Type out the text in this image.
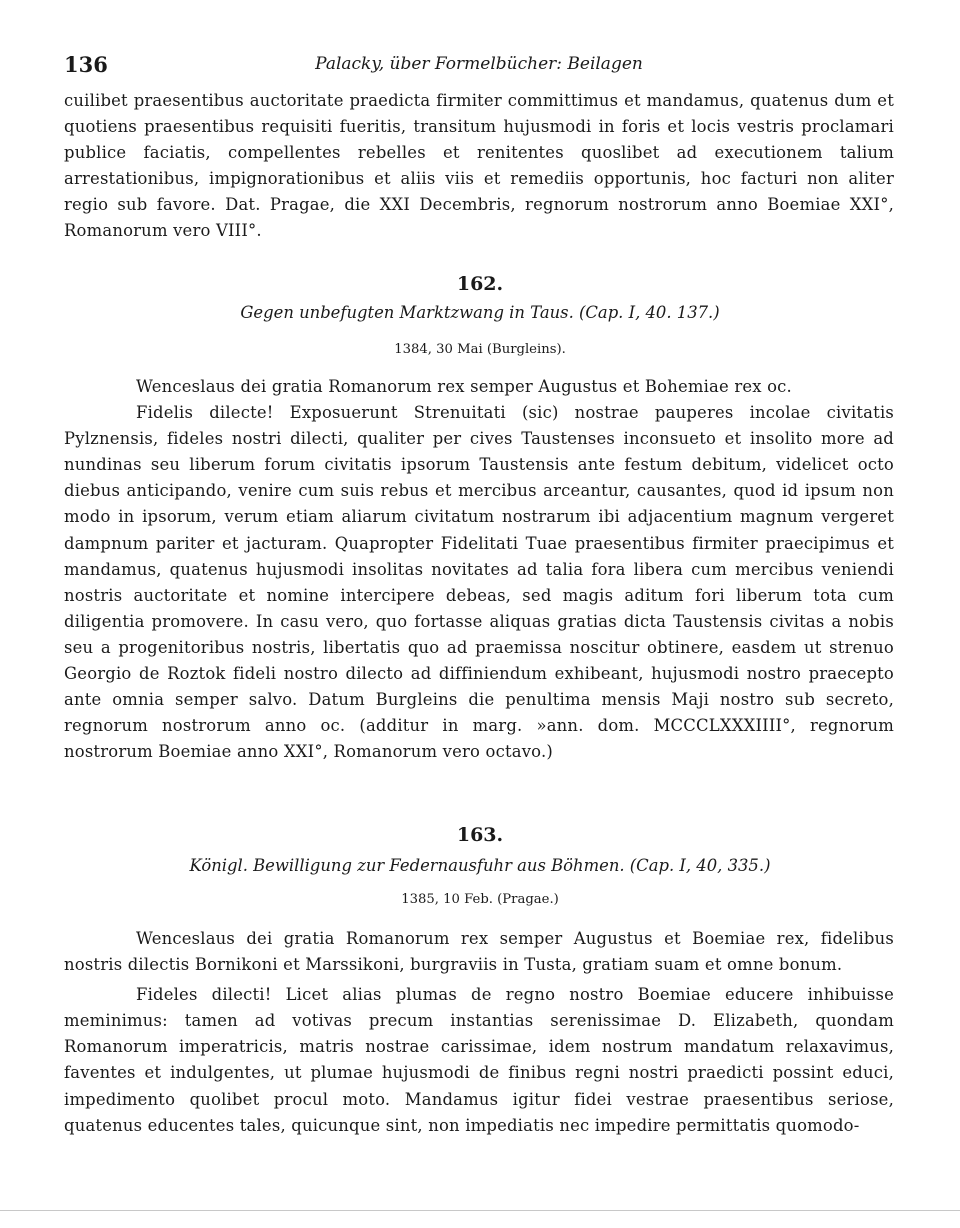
136	Palacky, über Formelbücher: Beilagen

cuilibet praesentibus auctoritate praedicta firmiter committimus et mandamus, quatenus dum et quotiens praesentibus requisiti fueritis, transitum hujusmodi in foris et locis vestris proclamari publice faciatis, compellentes rebelles et renitentes quoslibet ad executionem talium arrestationibus, impignorationibus et aliis viis et remediis opportunis, hoc facturi non aliter regio sub favore. Dat. Pragae, die XXI Decembris, regnorum nostrorum anno Boemiae XXI°, Romanorum vero VIII°.

162.
Gegen unbefugten Marktzwang in Taus. (Cap. I, 40. 137.)
1384, 30 Mai (Burgleins).

Wenceslaus dei gratia Romanorum rex semper Augustus et Bohemiae rex oc.

Fidelis dilecte! Exposuerunt Strenuitati (sic) nostrae pauperes incolae civitatis Pylznensis, fideles nostri dilecti, qualiter per cives Taustenses inconsueto et insolito more ad nundinas seu liberum forum civitatis ipsorum Taustensis ante festum debitum, videlicet octo diebus anticipando, venire cum suis rebus et mercibus arceantur, causantes, quod id ipsum non modo in ipsorum, verum etiam aliarum civitatum nostrarum ibi adjacentium magnum vergeret dampnum pariter et jacturam. Quapropter Fidelitati Tuae praesentibus firmiter praecipimus et mandamus, quatenus hujusmodi insolitas novitates ad talia fora libera cum mercibus veniendi nostris auctoritate et nomine intercipere debeas, sed magis aditum fori liberum tota cum diligentia promovere. In casu vero, quo fortasse aliquas gratias dicta Taustensis civitas a nobis seu a progenitoribus nostris, libertatis quo ad praemissa noscitur obtinere, easdem ut strenuo Georgio de Roztok fideli nostro dilecto ad diffiniendum exhibeant, hujusmodi nostro praecepto ante omnia semper salvo. Datum Burgleins die penultima mensis Maji nostro sub secreto, regnorum nostrorum anno oc. (additur in marg. »ann. dom. MCCCLXXXIIII°, regnorum nostrorum Boemiae anno XXI°, Romanorum vero octavo.)

163.
Königl. Bewilligung zur Federnausfuhr aus Böhmen. (Cap. I, 40, 335.)
1385, 10 Feb. (Pragae.)

Wenceslaus dei gratia Romanorum rex semper Augustus et Boemiae rex, fidelibus nostris dilectis Bornikoni et Marssikoni, burgraviis in Tusta, gratiam suam et omne bonum.

Fideles dilecti! Licet alias plumas de regno nostro Boemiae educere inhibuisse meminimus: tamen ad votivas precum instantias serenissimae D. Elizabeth, quondam Romanorum imperatricis, matris nostrae carissimae, idem nostrum mandatum relaxavimus, faventes et indulgentes, ut plumae hujusmodi de finibus regni nostri praedicti possint educi, impedimento quolibet procul moto. Mandamus igitur fidei vestrae praesentibus seriose, quatenus educentes tales, quicunque sint, non impediatis nec impedire permittatis quomodo-
